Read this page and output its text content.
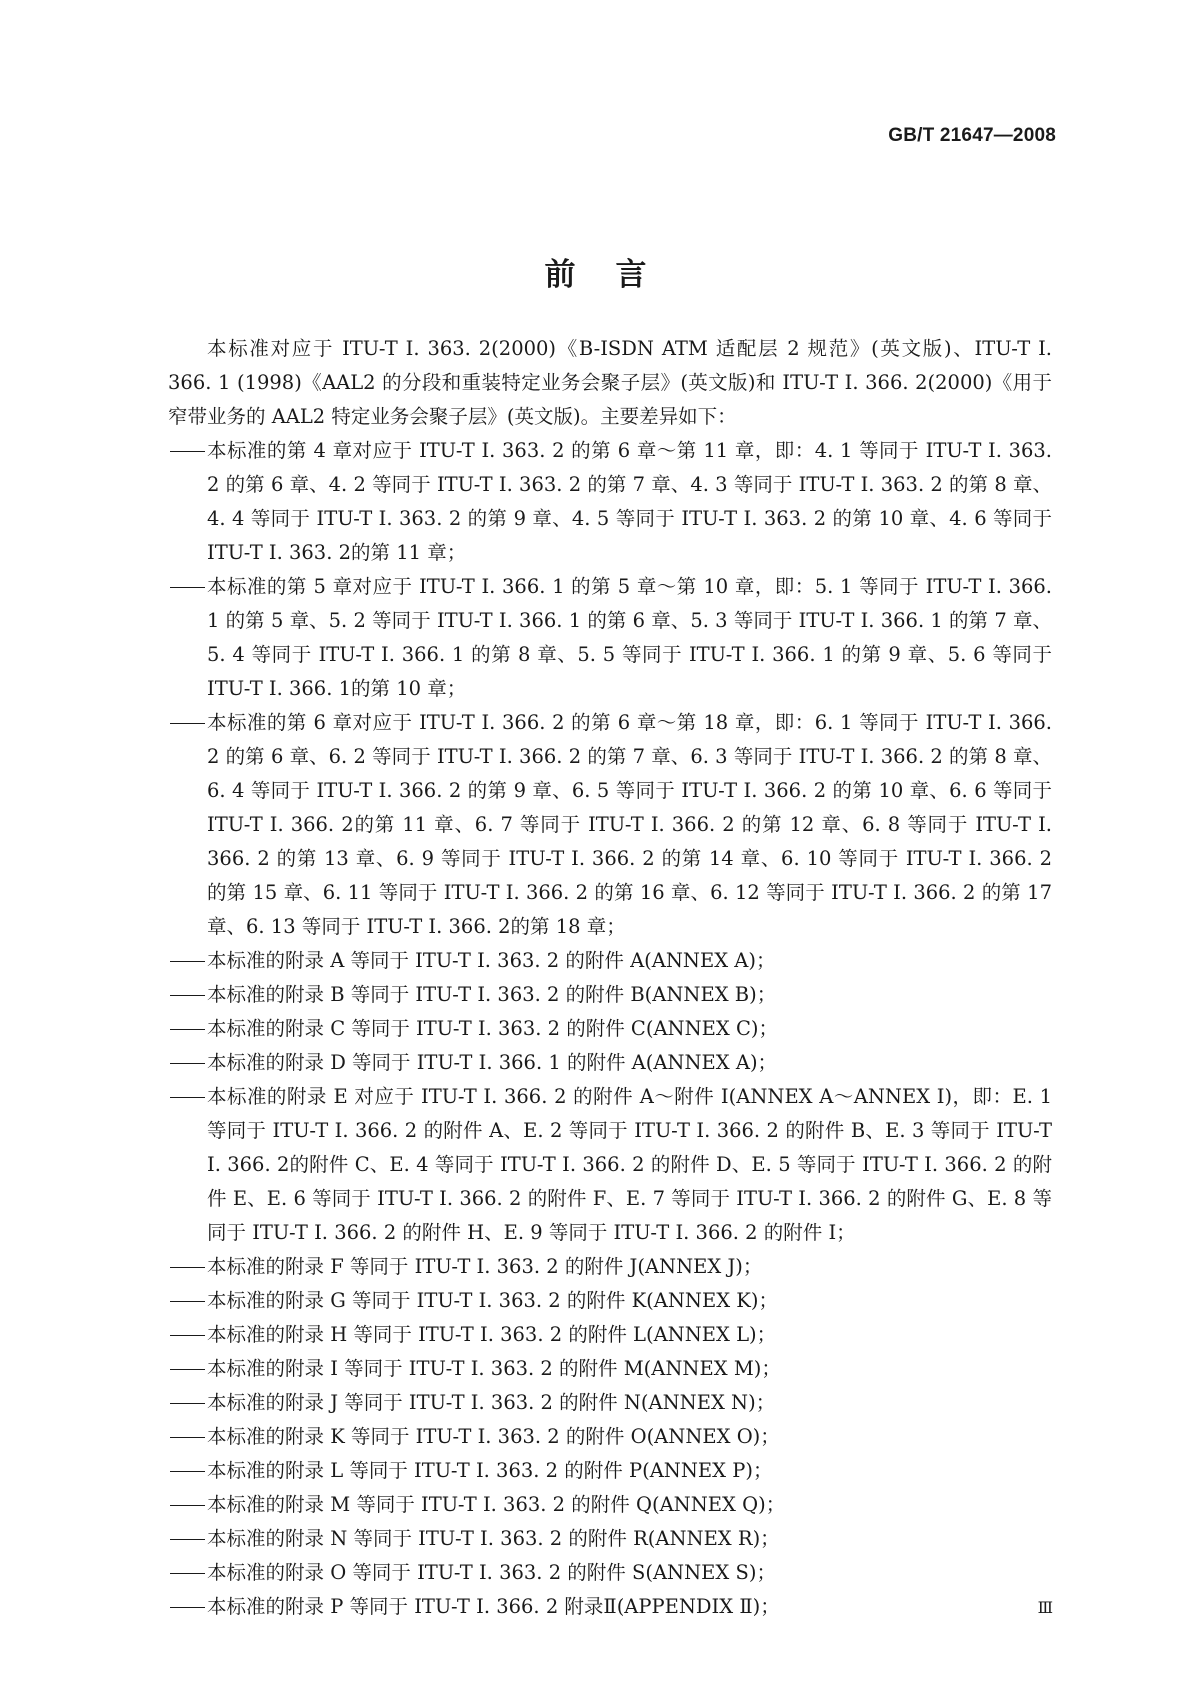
GB/T 21647—2008
前言

本标准对应于 ITU-T I. 363. 2(2000)《B-ISDN ATM 适配层 2 规范》(英文版)、ITU-T I. 366. 1 (1998)《AAL2 的分段和重装特定业务会聚子层》(英文版)和 ITU-T I. 366. 2(2000)《用于窄带业务的 AAL2 特定业务会聚子层》(英文版)。主要差异如下：

本标准的第 4 章对应于 ITU-T I. 363. 2 的第 6 章～第 11 章，即：4. 1 等同于 ITU-T I. 363. 2 的第 6 章、4. 2 等同于 ITU-T I. 363. 2 的第 7 章、4. 3 等同于 ITU-T I. 363. 2 的第 8 章、4. 4 等同于 ITU-T I. 363. 2 的第 9 章、4. 5 等同于 ITU-T I. 363. 2 的第 10 章、4. 6 等同于 ITU-T I. 363. 2的第 11 章；
本标准的第 5 章对应于 ITU-T I. 366. 1 的第 5 章～第 10 章，即：5. 1 等同于 ITU-T I. 366. 1 的第 5 章、5. 2 等同于 ITU-T I. 366. 1 的第 6 章、5. 3 等同于 ITU-T I. 366. 1 的第 7 章、5. 4 等同于 ITU-T I. 366. 1 的第 8 章、5. 5 等同于 ITU-T I. 366. 1 的第 9 章、5. 6 等同于 ITU-T I. 366. 1的第 10 章；
本标准的第 6 章对应于 ITU-T I. 366. 2 的第 6 章～第 18 章，即：6. 1 等同于 ITU-T I. 366. 2 的第 6 章、6. 2 等同于 ITU-T I. 366. 2 的第 7 章、6. 3 等同于 ITU-T I. 366. 2 的第 8 章、6. 4 等同于 ITU-T I. 366. 2 的第 9 章、6. 5 等同于 ITU-T I. 366. 2 的第 10 章、6. 6 等同于 ITU-T I. 366. 2的第 11 章、6. 7 等同于 ITU-T I. 366. 2 的第 12 章、6. 8 等同于 ITU-T I. 366. 2 的第 13 章、6. 9 等同于 ITU-T I. 366. 2 的第 14 章、6. 10 等同于 ITU-T I. 366. 2 的第 15 章、6. 11 等同于 ITU-T I. 366. 2 的第 16 章、6. 12 等同于 ITU-T I. 366. 2 的第 17 章、6. 13 等同于 ITU-T I. 366. 2的第 18 章；
本标准的附录 A 等同于 ITU-T I. 363. 2 的附件 A(ANNEX A)；
本标准的附录 B 等同于 ITU-T I. 363. 2 的附件 B(ANNEX B)；
本标准的附录 C 等同于 ITU-T I. 363. 2 的附件 C(ANNEX C)；
本标准的附录 D 等同于 ITU-T I. 366. 1 的附件 A(ANNEX A)；
本标准的附录 E 对应于 ITU-T I. 366. 2 的附件 A～附件 I(ANNEX A～ANNEX I)，即：E. 1 等同于 ITU-T I. 366. 2 的附件 A、E. 2 等同于 ITU-T I. 366. 2 的附件 B、E. 3 等同于 ITU-T I. 366. 2的附件 C、E. 4 等同于 ITU-T I. 366. 2 的附件 D、E. 5 等同于 ITU-T I. 366. 2 的附件 E、E. 6 等同于 ITU-T I. 366. 2 的附件 F、E. 7 等同于 ITU-T I. 366. 2 的附件 G、E. 8 等同于 ITU-T I. 366. 2 的附件 H、E. 9 等同于 ITU-T I. 366. 2 的附件 I；
本标准的附录 F 等同于 ITU-T I. 363. 2 的附件 J(ANNEX J)；
本标准的附录 G 等同于 ITU-T I. 363. 2 的附件 K(ANNEX K)；
本标准的附录 H 等同于 ITU-T I. 363. 2 的附件 L(ANNEX L)；
本标准的附录 I 等同于 ITU-T I. 363. 2 的附件 M(ANNEX M)；
本标准的附录 J 等同于 ITU-T I. 363. 2 的附件 N(ANNEX N)；
本标准的附录 K 等同于 ITU-T I. 363. 2 的附件 O(ANNEX O)；
本标准的附录 L 等同于 ITU-T I. 363. 2 的附件 P(ANNEX P)；
本标准的附录 M 等同于 ITU-T I. 363. 2 的附件 Q(ANNEX Q)；
本标准的附录 N 等同于 ITU-T I. 363. 2 的附件 R(ANNEX R)；
本标准的附录 O 等同于 ITU-T I. 363. 2 的附件 S(ANNEX S)；
本标准的附录 P 等同于 ITU-T I. 366. 2 附录Ⅱ(APPENDIX Ⅱ)；	Ⅲ
